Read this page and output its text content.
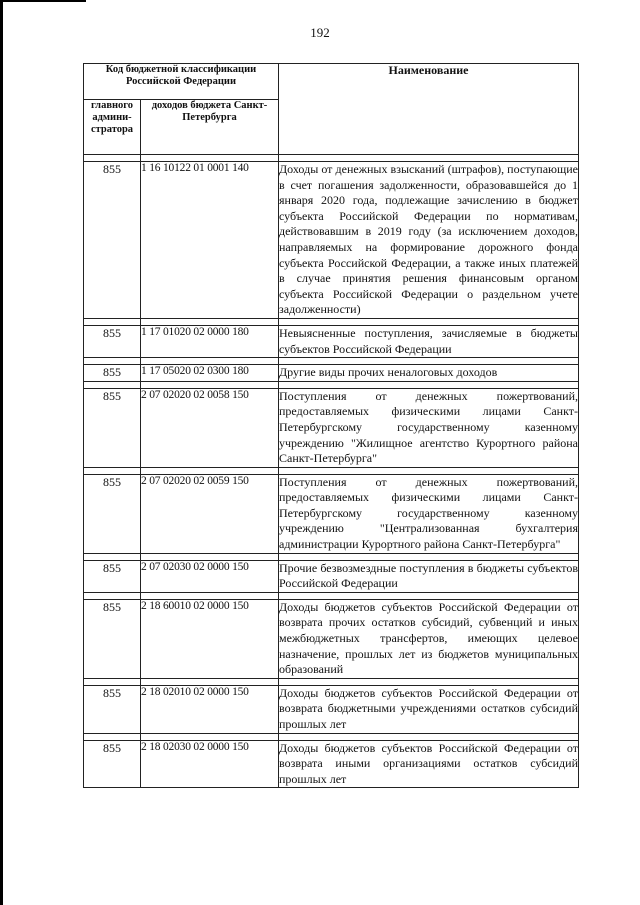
192
Код бюджетной классификации Российской Федерации		Наименование
главного админи-стратора	доходов бюджета Санкт-Петербурга	

855	1 16 10122 01 0001 140	Доходы от денежных взысканий (штрафов), поступающие в счет погашения задолженности, образовавшейся до 1 января 2020 года, подлежащие зачислению в бюджет субъекта Российской Федерации по нормативам, действовавшим в 2019 году (за исключением доходов, направляемых на формирование дорожного фонда субъекта Российской Федерации, а также иных платежей в случае принятия решения финансовым органом субъекта Российской Федерации о раздельном учете задолженности)

855	1 17 01020 02 0000 180	Невыясненные поступления, зачисляемые в бюджеты субъектов Российской Федерации

855	1 17 05020 02 0300 180	Другие виды прочих неналоговых доходов

855	2 07 02020 02 0058 150	Поступления от денежных пожертвований, предоставляемых физическими лицами Санкт-Петербургскому государственному казенному учреждению "Жилищное агентство Курортного района Санкт-Петербурга"

855	2 07 02020 02 0059 150	Поступления от денежных пожертвований, предоставляемых физическими лицами Санкт-Петербургскому государственному казенному учреждению "Централизованная бухгалтерия администрации Курортного района Санкт-Петербурга"

855	2 07 02030 02 0000 150	Прочие безвозмездные поступления в бюджеты субъектов Российской Федерации

855	2 18 60010 02 0000 150	Доходы бюджетов субъектов Российской Федерации от возврата прочих остатков субсидий, субвенций и иных межбюджетных трансфертов, имеющих целевое назначение, прошлых лет из бюджетов муниципальных образований

855	2 18 02010 02 0000 150	Доходы бюджетов субъектов Российской Федерации от возврата бюджетными учреждениями остатков субсидий прошлых лет

855	2 18 02030 02 0000 150	Доходы бюджетов субъектов Российской Федерации от возврата иными организациями остатков субсидий прошлых лет
